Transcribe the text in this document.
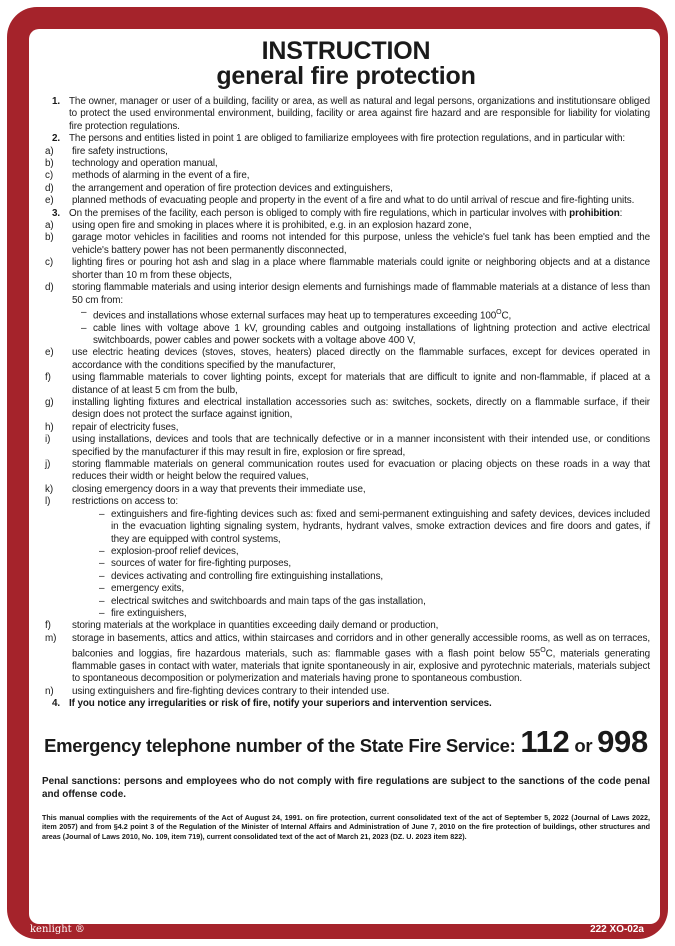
INSTRUCTION
general fire protection
1. The owner, manager or user of a building, facility or area, as well as natural and legal persons, organizations and institutionsare obliged to protect the used environmental environment, building, facility or area against fire hazard and are responsible for liability for violating fire protection regulations.
2. The persons and entities listed in point 1 are obliged to familiarize employees with fire protection regulations, and in particular with:
a)	fire safety instructions,
b)	technology and operation manual,
c)	methods of alarming in the event of a fire,
d)	the arrangement and operation of fire protection devices and extinguishers,
e)	planned methods of evacuating people and property in the event of a fire and what to do until arrival of rescue and fire-fighting units.
3. On the premises of the facility, each person is obliged to comply with fire regulations, which in particular involves with prohibition:
a)	using open fire and smoking in places where it is prohibited, e.g. in an explosion hazard zone,
b)	garage motor vehicles in facilities and rooms not intended for this purpose, unless the vehicle's fuel tank has been emptied and the vehicle's battery power has not been permanently disconnected,
c)	lighting fires or pouring hot ash and slag in a place where flammable materials could ignite or neighboring objects and at a distance shorter than 10 m from these objects,
d)	storing flammable materials and using interior design elements and furnishings made of flammable materials at a distance of less than 50 cm from:
– devices and installations whose external surfaces may heat up to temperatures exceeding $100^OC$,
– cable lines with voltage above 1 kV, grounding cables and outgoing installations of lightning protection and active electrical switchboards, power cables and power sockets with a voltage above 400 V,
e)	use electric heating devices (stoves, stoves, heaters) placed directly on the flammable surfaces, except for devices operated in accordance with the conditions specified by the manufacturer,
f)	using flammable materials to cover lighting points, except for materials that are difficult to ignite and non-flammable, if placed at a distance of at least 5 cm from the bulb,
g)	installing lighting fixtures and electrical installation accessories such as: switches, sockets, directly on a flammable surface, if their design does not protect the surface against ignition,
h)	repair of electricity fuses,
i)	using installations, devices and tools that are technically defective or in a manner inconsistent with their intended use, or conditions specified by the manufacturer if this may result in fire, explosion or fire spread,
j)	storing flammable materials on general communication routes used for evacuation or placing objects on these roads in a way that reduces their width or height below the required values,
k)	closing emergency doors in a way that prevents their immediate use,
l)	restrictions on access to:
– extinguishers and fire-fighting devices such as: fixed and semi-permanent extinguishing and safety devices, devices included in the evacuation lighting signaling system, hydrants, hydrant valves, smoke extraction devices and fire doors and gates, if they are equipped with control systems,
– explosion-proof relief devices,
– sources of water for fire-fighting purposes,
– devices activating and controlling fire extinguishing installations,
– emergency exits,
– electrical switches and switchboards and main taps of the gas installation,
– fire extinguishers,
f)	storing materials at the workplace in quantities exceeding daily demand or production,
m)	storage in basements, attics and attics, within staircases and corridors and in other generally accessible rooms, as well as on terraces, balconies and loggias, fire hazardous materials, such as: flammable gases with a flash point below $55^OC$, materials generating flammable gases in contact with water, materials that ignite spontaneously in air, explosive and pyrotechnic materials, materials subject to spontaneous decomposition or polymerization and materials having prone to spontaneous combustion.
n)	using extinguishers and fire-fighting devices contrary to their intended use.
4. If you notice any irregularities or risk of fire, notify your superiors and intervention services.
Emergency telephone number of the State Fire Service: 112 or 998
Penal sanctions: persons and employees who do not comply with fire regulations are subject to the sanctions of the code penal and offense code.
This manual complies with the requirements of the Act of August 24, 1991. on fire protection, current consolidated text of the act of September 5, 2022 (Journal of Laws 2022, item 2057) and from §4.2 point 3 of the Regulation of the Minister of Internal Affairs and Administration of June 7, 2010 on the fire protection of buildings, other structures and areas (Journal of Laws 2010, No. 109, item 719), current consolidated text of the act of March 21, 2023 (DZ. U. 2023 item 822).
kenlight ®	222 XO-02a
